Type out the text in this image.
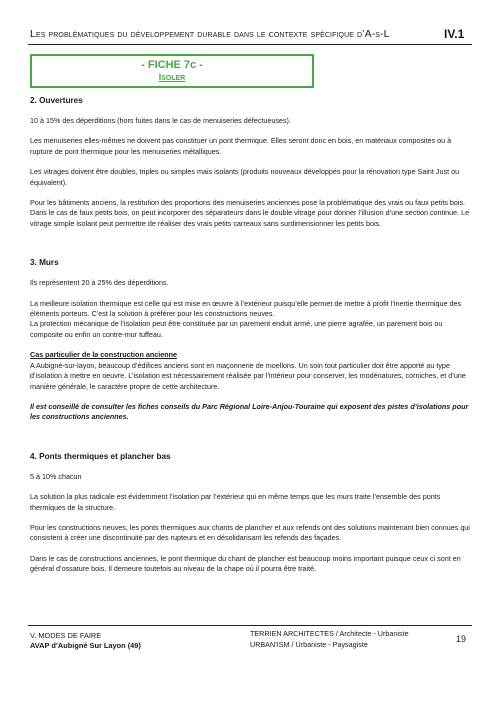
Les problématiques du développement durable dans le contexte spécifique d’A-s-L	IV.1
- FICHE 7c -
Isoler
2. Ouvertures

10 à 15% des déperditions (hors fuites dans le cas de menuiseries défectueuses).

Les menuiseries elles-mêmes ne doivent pas constituer un pont thermique. Elles seront donc en bois, en matériaux composites ou à rupture de pont thermique pour les menuiseries métalliques.

Les vitrages doivent être doubles, triples ou simples mais isolants (produits nouveaux développés pour la rénovation type Saint Just ou équivalent).

Pour les bâtiments anciens, la restitution des proportions des menuiseries anciennes pose la problématique des vrais ou faux petits bois. Dans le cas de faux petits bois, on peut incorporer des séparateurs dans le double vitrage pour donner l’illusion d’une section continue. Le vitrage simple isolant peut permettre de réaliser des vrais petits carreaux sans surdimensionner les petits bois.

3. Murs

Ils représentent 20 à 25% des déperditions.

La meilleure isolation thermique est celle qui est mise en œuvre à l’extérieur puisqu’elle permet de mettre à profit l’inertie thermique des éléments porteurs. C’est la solution à préférer pour les constructions neuves.

La protection mécanique de l’isolation peut être constituée par un parement enduit armé, une pierre agrafée, un parement bois ou composite ou enfin un contre-mur tuffeau.

Cas particulier de la construction ancienne

A Aubigné-sur-layon, beaucoup d’édifices anciens sont en maçonnerie de moellons. Un soin tout particulier doit être apporté au type d’isolation à mettre en oeuvre. L’isolation est nécessairement réalisée par l’intérieur pour conserver, les modénatures, corniches, et d’une manière générale, le caractère propre de cette architecture.

Il est conseillé de consulter les fiches conseils du Parc Régional Loire-Anjou-Touraine qui exposent des pistes d’isolations pour les constructions anciennes.

4. Ponts thermiques et plancher bas

5 à 10% chacun

La solution la plus radicale est évidemment l’isolation par l’extérieur qui en même temps que les murs traite l’ensemble des ponts thermiques de la structure.

Pour les constructions neuves, les ponts thermiques aux chants de plancher et aux refends ont des solutions maintenant bien connues qui consistent à créer une discontinuité par des rupteurs et en désolidarisant les refends des façades.

Dans le cas de constructions anciennes, le pont thermique du chant de plancher est beaucoup moins important puisque ceux ci sont en général d’ossature bois. Il demeure toutefois au niveau de la chape où il pourra être traité.

V. MODES DE FAIRE
AVAP d’Aubigné Sur Layon (49)
TERRIEN ARCHITECTES / Architecte - Urbaniste
URBAN’ISM / Urbaniste - Paysagiste
19
